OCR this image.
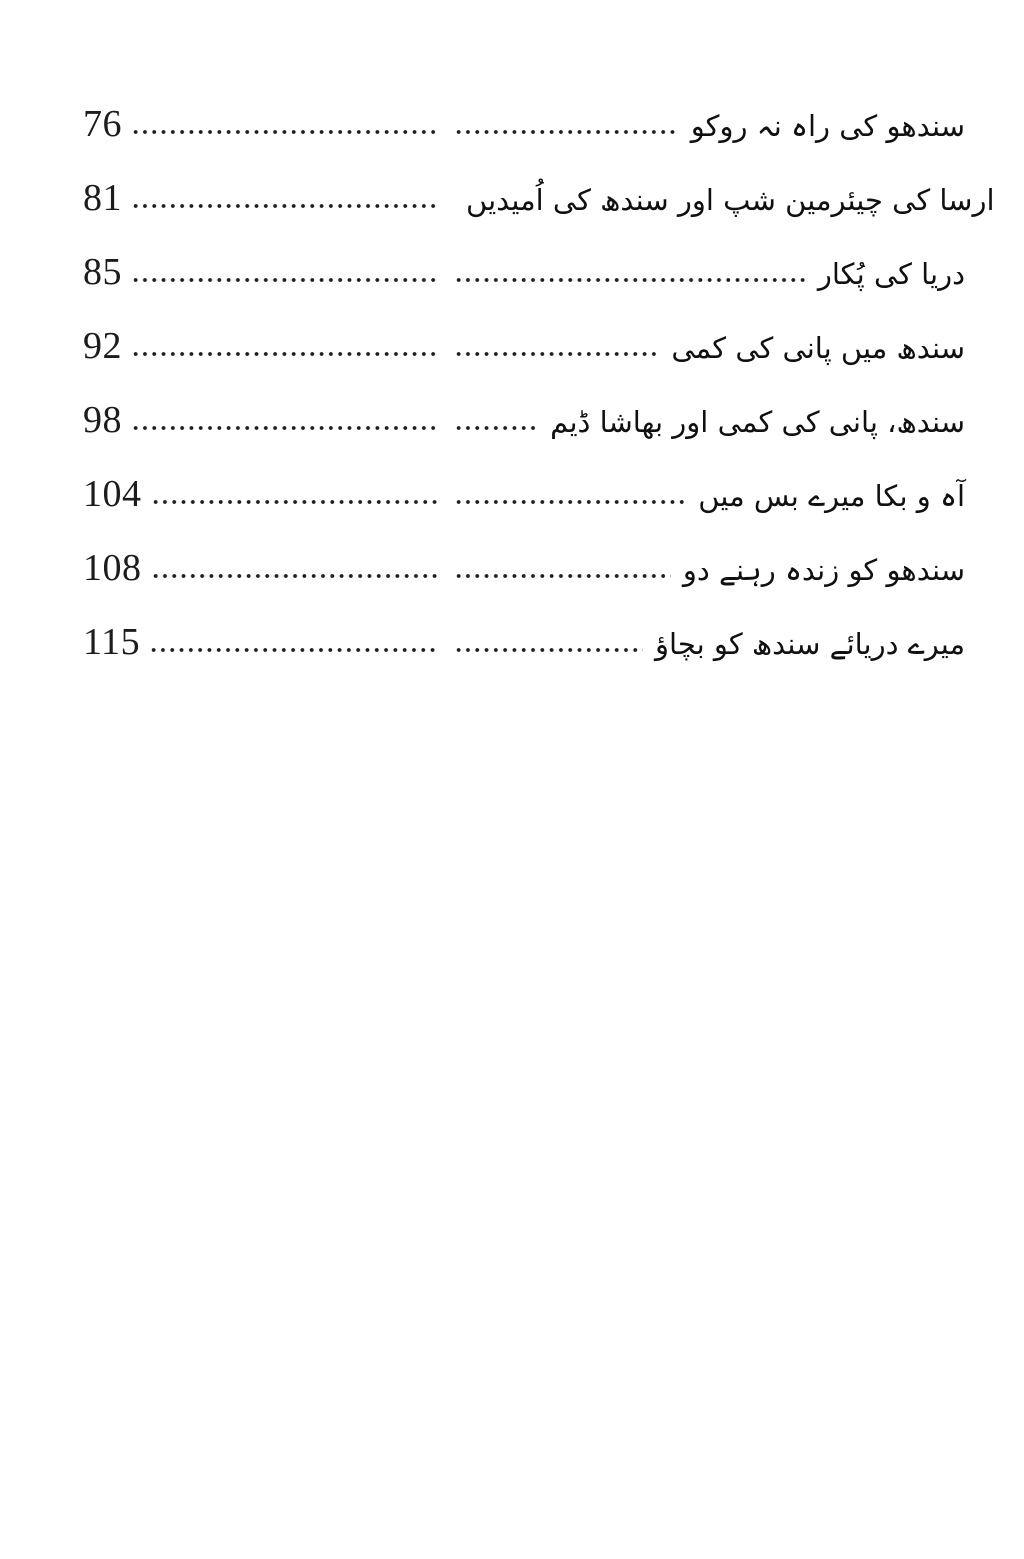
76	سندھو کی راہ نہ روکو
81	ارسا کی چیئرمین شپ اور سندھ کی اُمیدیں
85	دریا کی پُکار
92	سندھ میں پانی کی کمی
98	سندھ، پانی کی کمی اور بھاشا ڈیم
104	آہ و بکا میرے بس میں
108	سندھو کو زندہ رہنے دو
115	میرے دریائے سندھ کو بچاؤ
